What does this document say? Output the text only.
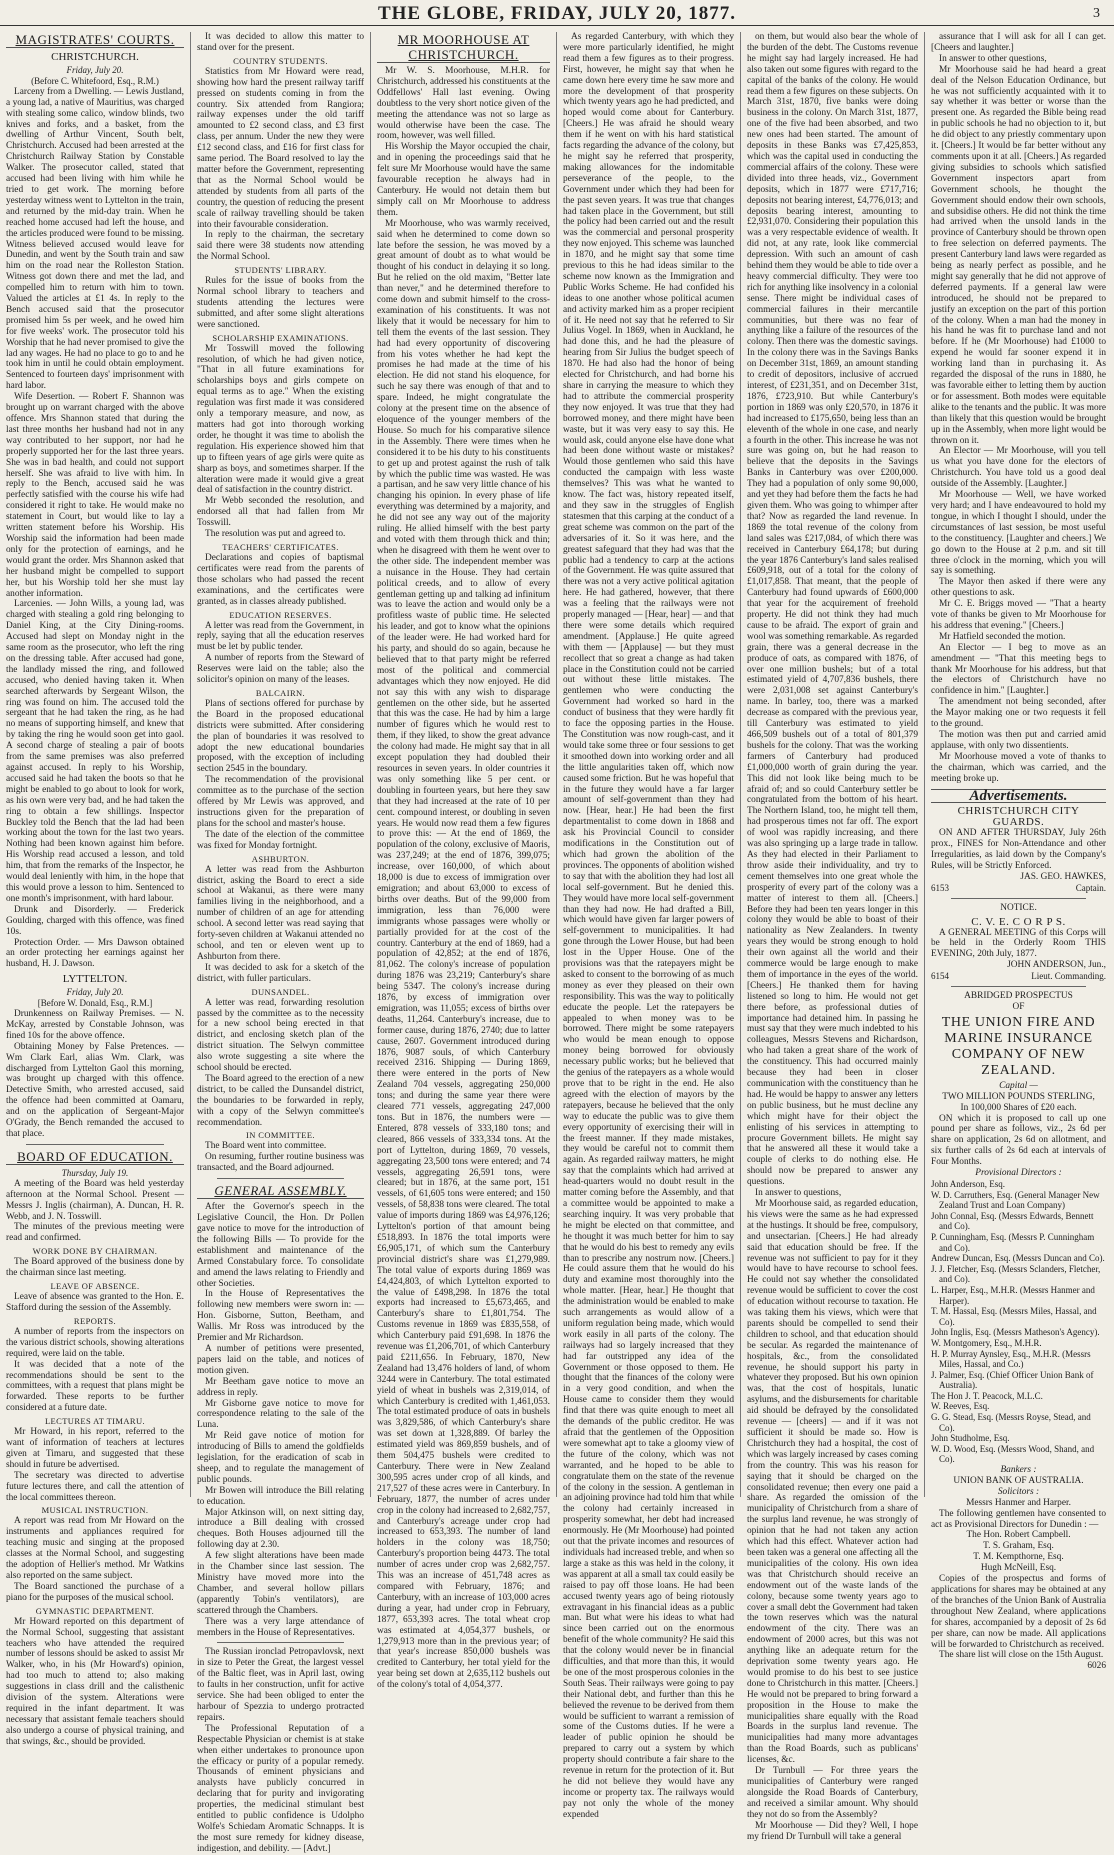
THE GLOBE, FRIDAY, JULY 20, 1877.	3
MAGISTRATES' COURTS.
CHRISTCHURCH.
Friday, July 20.
(Before C. Whitefoord, Esq., R.M.)

Larceny from a Dwelling. — Lewis Justland, a young lad, a native of Mauritius, was charged with stealing some calico, window blinds, two knives and forks, and a basket, from the dwelling of Arthur Vincent, South belt, Christchurch. Accused had been arrested at the Christchurch Railway Station by Constable Walker. The prosecutor called, stated that accused had been living with him while he tried to get work. The morning before yesterday witness went to Lyttelton in the train, and returned by the mid-day train. When he reached home accused had left the house, and the articles produced were found to be missing. Witness believed accused would leave for Dunedin, and went by the South train and saw him on the road near the Rolleston Station. Witness got down there and met the lad, and compelled him to return with him to town. Valued the articles at £1 4s. In reply to the Bench accused said that the prosecutor promised him 5s per week, and he owed him for five weeks' work. The prosecutor told his Worship that he had never promised to give the lad any wages. He had no place to go to and he took him in until he could obtain employment. Sentenced to fourteen days' imprisonment with hard labor.

Wife Desertion. — Robert F. Shannon was brought up on warrant charged with the above offence. Mrs Shannon stated that during the last three months her husband had not in any way contributed to her support, nor had he properly supported her for the last three years. She was in bad health, and could not support herself. She was afraid to live with him. In reply to the Bench, accused said he was perfectly satisfied with the course his wife had considered it right to take. He would make no statement in Court, but would like to lay a written statement before his Worship. His Worship said the information had been made only for the protection of earnings, and he would grant the order. Mrs Shannon asked that her husband might be compelled to support her, but his Worship told her she must lay another information.

Larcenies. — John Wills, a young lad, was charged with stealing a gold ring belonging to Daniel King, at the City Dining-rooms. Accused had slept on Monday night in the same room as the prosecutor, who left the ring on the dressing table. After accused had gone, the landlady missed the ring, and followed accused, who denied having taken it. When searched afterwards by Sergeant Wilson, the ring was found on him. The accused told the sergeant that he had taken the ring, as he had no means of supporting himself, and knew that by taking the ring he would soon get into gaol. A second charge of stealing a pair of boots from the same premises was also preferred against accused. In reply to his Worship, accused said he had taken the boots so that he might be enabled to go about to look for work, as his own were very bad, and he had taken the ring to obtain a few shillings. Inspector Buckley told the Bench that the lad had been working about the town for the last two years. Nothing had been known against him before. His Worship read accused a lesson, and told him, that from the remarks of the Inspector, he would deal leniently with him, in the hope that this would prove a lesson to him. Sentenced to one month's imprisonment, with hard labour.

Drunk and Disorderly. — Frederick Goulding, charged with this offence, was fined 10s.

Protection Order. — Mrs Dawson obtained an order protecting her earnings against her husband, H. J. Dawson.

LYTTELTON.
Friday, July 20.
[Before W. Donald, Esq., R.M.]

Drunkenness on Railway Premises. — N. McKay, arrested by Constable Johnson, was fined 10s for the above offence.

Obtaining Money by False Pretences. — Wm Clark Earl, alias Wm. Clark, was discharged from Lyttelton Gaol this morning, was brought up charged with this offence. Detective Smith, who arrested accused, said the offence had been committed at Oamaru, and on the application of Sergeant-Major O'Grady, the Bench remanded the accused to that place.

BOARD OF EDUCATION.
Thursday, July 19.

A meeting of the Board was held yesterday afternoon at the Normal School. Present — Messrs J. Inglis (chairman), A. Duncan, H. R. Webb, and J. N. Tosswill.

The minutes of the previous meeting were read and confirmed.

WORK DONE BY CHAIRMAN.

The Board approved of the business done by the chairman since last meeting.

LEAVE OF ABSENCE.

Leave of absence was granted to the Hon. E. Stafford during the session of the Assembly.

REPORTS.

A number of reports from the inspectors on the various district schools, showing alterations required, were laid on the table.

It was decided that a note of the recommendations should be sent to the committees, with a request that plans might be forwarded. These reports to be further considered at a future date.

LECTURES AT TIMARU.

Mr Howard, in his report, referred to the want of information of teachers at lectures given at Timaru, and suggested that these should in future be advertised.

The secretary was directed to advertise future lectures there, and call the attention of the local committees thereon.

MUSICAL INSTRUCTION.

A report was read from Mr Howard on the instruments and appliances required for teaching music and singing at the proposed classes at the Normal School, and suggesting the adoption of Hellier's method. Mr Watkins also reported on the same subject.

The Board sanctioned the purchase of a piano for the purposes of the musical school.

GYMNASTIC DEPARTMENT.

Mr Howard reported on this department of the Normal School, suggesting that assistant teachers who have attended the required number of lessons should be asked to assist Mr Walker, who, in his (Mr Howard's) opinion, had too much to attend to; also making suggestions in class drill and the calisthenic division of the system. Alterations were required in the infant department. It was necessary that assistant female teachers should also undergo a course of physical training, and that swings, &c., should be provided.

It was decided to allow this matter to stand over for the present.

COUNTRY STUDENTS.

Statistics from Mr Howard were read, showing how hard the present railway tariff pressed on students coming in from the country. Six attended from Rangiora; railway expenses under the old tariff amounted to £2 second class, and £3 first class, per annum. Under the new they were £12 second class, and £16 for first class for same period. The Board resolved to lay the matter before the Government, representing that as the Normal School would be attended by students from all parts of the country, the question of reducing the present scale of railway travelling should be taken into their favourable consideration.

In reply to the chairman, the secretary said there were 38 students now attending the Normal School.

STUDENTS' LIBRARY.

Rules for the issue of books from the Normal school library to teachers and students attending the lectures were submitted, and after some slight alterations were sanctioned.

SCHOLARSHIP EXAMINATIONS.

Mr Tosswill moved the following resolution, of which he had given notice, "That in all future examinations for scholarships boys and girls compete on equal terms as to age." When the existing regulation was first made it was considered only a temporary measure, and now, as matters had got into thorough working order, he thought it was time to abolish the regulation. His experience showed him that up to fifteen years of age girls were quite as sharp as boys, and sometimes sharper. If the alteration were made it would give a great deal of satisfaction in the country district.

Mr Webb seconded the resolution, and endorsed all that had fallen from Mr Tosswill.

The resolution was put and agreed to.

TEACHERS' CERTIFICATES.

Declarations and copies of baptismal certificates were read from the parents of those scholars who had passed the recent examinations, and the certificates were granted, as in classes already published.

EDUCATION RESERVES.

A letter was read from the Government, in reply, saying that all the education reserves must be let by public tender.

A number of reports from the Steward of Reserves were laid on the table; also the solicitor's opinion on many of the leases.

BALCAIRN.

Plans of sections offered for purchase by the Board in the proposed educational districts were submitted. After considering the plan of boundaries it was resolved to adopt the new educational boundaries proposed, with the exception of including section 2545 in the boundary.

The recommendation of the provisional committee as to the purchase of the section offered by Mr Lewis was approved, and instructions given for the preparation of plans for the school and master's house.

The date of the election of the committee was fixed for Monday fortnight.

ASHBURTON.

A letter was read from the Ashburton district, asking the Board to erect a side school at Wakanui, as there were many families living in the neighborhood, and a number of children of an age for attending school. A second letter was read saying that forty-seven children at Wakanui attended no school, and ten or eleven went up to Ashburton from there.

It was decided to ask for a sketch of the district, with fuller particulars.

DUNSANDEL.

A letter was read, forwarding resolution passed by the committee as to the necessity for a new school being erected in that district, and enclosing sketch plan of the district situation. The Selwyn committee also wrote suggesting a site where the school should be erected.

The Board agreed to the erection of a new district, to be called the Dunsandel district, the boundaries to be forwarded in reply, with a copy of the Selwyn committee's recommendation.

IN COMMITTEE.

The Board went into committee.

On resuming, further routine business was transacted, and the Board adjourned.

GENERAL ASSEMBLY.

After the Governor's speech in the Legislative Council, the Hon. Dr Pollen gave notice to move for the introduction of the following Bills — To provide for the establishment and maintenance of the Armed Constabulary force. To consolidate and amend the laws relating to Friendly and other Societies.

In the House of Representatives the following new members were sworn in: — Hon. Gisborne, Sutton, Beetham, and Wallis. Mr Ross was introduced by the Premier and Mr Richardson.

A number of petitions were presented, papers laid on the table, and notices of motion given.

Mr Beetham gave notice to move an address in reply.

Mr Gisborne gave notice to move for correspondence relating to the sale of the Luna.

Mr Reid gave notice of motion for introducing of Bills to amend the goldfields legislation, for the eradication of scab in sheep, and to regulate the management of public pounds.

Mr Bowen will introduce the Bill relating to education.

Major Atkinson will, on next sitting day, introduce a Bill dealing with crossed cheques. Both Houses adjourned till the following day at 2.30.

A few slight alterations have been made in the Chamber since last session. The Ministry have moved more into the Chamber, and several hollow pillars (apparently Tobin's ventilators), are scattered through the Chambers.

There was a very large attendance of members in the House of Representatives.

The Russian ironclad Petropavlovsk, next in size to Peter the Great, the largest vessel of the Baltic fleet, was in April last, owing to faults in her construction, unfit for active service. She had been obliged to enter the harbour of Spezzia to undergo protracted repairs.

The Professional Reputation of a Respectable Physician or chemist is at stake when either undertakes to pronounce upon the efficacy or purity of a popular remedy. Thousands of eminent physicians and analysts have publicly concurred in declaring that for purity and invigorating properties, the medicinal stimulant best entitled to public confidence is Udolpho Wolfe's Schiedam Aromatic Schnapps. It is the most sure remedy for kidney disease, indigestion, and debility. — [Advt.]

MR MOORHOUSE AT CHRISTCHURCH.

Mr W. S. Moorhouse, M.H.R. for Christchurch, addressed his constituents at the Oddfellows' Hall last evening. Owing doubtless to the very short notice given of the meeting the attendance was not so large as would otherwise have been the case. The room, however, was well filled.

His Worship the Mayor occupied the chair, and in opening the proceedings said that he felt sure Mr Moorhouse would have the same favourable reception he always had in Canterbury. He would not detain them but simply call on Mr Moorhouse to address them.

Mr Moorhouse, who was warmly received, said when he determined to come down so late before the session, he was moved by a great amount of doubt as to what would be thought of his conduct in delaying it so long. But he relied on the old maxim, "Better late than never," and he determined therefore to come down and submit himself to the cross-examination of his constituents. It was not likely that it would be necessary for him to tell them the events of the last session. They had had every opportunity of discovering from his votes whether he had kept the promises he had made at the time of his election. He did not stand his eloquence, for such he say there was enough of that and to spare. Indeed, he might congratulate the colony at the present time on the absence of eloquence of the younger members of the House. So much for his comparative silence in the Assembly. There were times when he considered it to be his duty to his constituents to get up and protest against the rush of talk by which the public time was wasted. He was a partisan, and he saw very little chance of his changing his opinion. In every phase of life everything was determined by a majority, and he did not see any way out of the majority ruling. He allied himself with the best party and voted with them through thick and thin; when he disagreed with them he went over to the other side. The independent member was a nuisance in the House. They had certain political creeds, and to allow of every gentleman getting up and talking ad infinitum was to leave the action and would only be a profitless waste of public time. He selected his leader, and got to know what the opinions of the leader were. He had worked hard for his party, and should do so again, because he believed that to that party might be referred most of the political and commercial advantages which they now enjoyed. He did not say this with any wish to disparage gentlemen on the other side, but he asserted that this was the case. He had by him a large number of figures which he would rest to them, if they liked, to show the great advance the colony had made. He might say that in all except population they had doubled their resources in seven years. In older countries it was only something like 5 per cent. or doubling in fourteen years, but here they saw that they had increased at the rate of 10 per cent. compound interest, or doubling in seven years. He would now read them a few figures to prove this: — At the end of 1869, the population of the colony, exclusive of Maoris, was 237,249; at the end of 1876, 399,075; increase, over 160,000, of which about 18,000 is due to excess of immigration over emigration; and about 63,000 to excess of births over deaths. But of the 99,000 from immigration, less than 76,000 were immigrants whose passages were wholly or partially provided for at the cost of the country. Canterbury at the end of 1869, had a population of 42,852; at the end of 1876, 81,062. The colony's increase of population during 1876 was 23,219; Canterbury's share being 5347. The colony's increase during 1876, by excess of immigration over emigration, was 11,055; excess of births over deaths, 11,264. Canterbury's increase, due to former cause, during 1876, 2740; due to latter cause, 2607. Government introduced during 1876, 9087 souls, of which Canterbury received 2316. Shipping — During 1869, there were entered in the ports of New Zealand 704 vessels, aggregating 250,000 tons; and during the same year there were cleared 771 vessels, aggregating 247,000 tons. But in 1876, the numbers were — Entered, 878 vessels of 333,180 tons; and cleared, 866 vessels of 333,334 tons. At the port of Lyttelton, during 1869, 70 vessels, aggregating 23,500 tons were entered; and 74 vessels, aggregating 26,591 tons, were cleared; but in 1876, at the same port, 151 vessels, of 61,605 tons were entered; and 150 vessels, of 58,838 tons were cleared. The total value of imports during 1869 was £4,976,126; Lyttelton's portion of that amount being £518,893. In 1876 the total imports were £6,905,171, of which sum the Canterbury provincial district's share was £1,279,989. The total value of exports during 1869 was £4,424,803, of which Lyttelton exported to the value of £498,298. In 1876 the total exports had increased to £5,673,465, and Canterbury's share to £1,801,754. The Customs revenue in 1869 was £835,558, of which Canterbury paid £91,698. In 1876 the revenue was £1,206,701, of which Canterbury paid £211,656. In February, 1870, New Zealand had 13,476 holders of land, of whom 3244 were in Canterbury. The total estimated yield of wheat in bushels was 2,319,014, of which Canterbury is credited with 1,461,053. The total estimated produce of oats in bushels was 3,829,586, of which Canterbury's share was set down at 1,328,889. Of barley the estimated yield was 869,859 bushels, and of them 504,475 bushels were credited to Canterbury. There were in New Zealand 300,595 acres under crop of all kinds, and 217,527 of these acres were in Canterbury. In February, 1877, the number of acres under crop in the colony had increased to 2,682,757, and Canterbury's acreage under crop had increased to 653,393. The number of land holders in the colony was 18,750; Canterbury's proportion being 4473. The total number of acres under crop was 2,682,757. This was an increase of 451,748 acres as compared with February, 1876; and Canterbury, with an increase of 103,000 acres during a year, had under crop in February, 1877, 653,393 acres. The total wheat crop was estimated at 4,054,377 bushels, or 1,279,913 more than in the previous year; of that year's increase 850,000 bushels was credited to Canterbury, her total yield for the year being set down at 2,635,112 bushels out of the colony's total of 4,054,377.

As regarded Canterbury, with which they were more particularly identified, he might read them a few figures as to their progress. First, however, he might say that when he came down here every time he saw more and more the development of that prosperity which twenty years ago he had predicted, and hoped would come about for Canterbury. [Cheers.] He was afraid he should weary them if he went on with his hard statistical facts regarding the advance of the colony, but he might say he referred that prosperity, making allowances for the indomitable perseverance of the people, to the Government under which they had been for the past seven years. It was true that changes had taken place in the Government, but still the policy had been carried out and the result was the commercial and personal prosperity they now enjoyed. This scheme was launched in 1870, and he might say that some time previous to this he had ideas similar to the scheme now known as the Immigration and Public Works Scheme. He had confided his ideas to one another whose political acumen and activity marked him as a proper recipient of it. He need not say that he referred to Sir Julius Vogel. In 1869, when in Auckland, he had done this, and he had the pleasure of hearing from Sir Julius the budget speech of 1870. He had also had the honor of being elected for Christchurch, and had borne his share in carrying the measure to which they had to attribute the commercial prosperity they now enjoyed. It was true that they had borrowed money, and there might have been waste, but it was very easy to say this. He would ask, could anyone else have done what had been done without waste or mistakes? Would those gentlemen who said this have conducted the campaign with less waste themselves? This was what he wanted to know. The fact was, history repeated itself, and they saw in the struggles of English statesmen that this carping at the conduct of a great scheme was common on the part of the adversaries of it. So it was here, and the greatest safeguard that they had was that the public had a tendency to carp at the actions of the Government. He was quite assured that there was not a very active political agitation here. He had gathered, however, that there was a feeling that the railways were not properly managed — [Hear, hear] — and that there were some details which required amendment. [Applause.] He quite agreed with them — [Applause] — but they must recollect that so great a change as had taken place in the Constitution could not be carried out without these little mistakes. The gentlemen who were conducting the Government had worked so hard in the conduct of business that they were hardly fit to face the opposing parties in the House. The Constitution was now rough-cast, and it would take some three or four sessions to get it smoothed down into working order and all the little angularities taken off, which now caused some friction. But he was hopeful that in the future they would have a far larger amount of self-government than they had now. [Hear, hear.] He had been the first departmentalist to come down in 1868 and ask his Provincial Council to consider modifications in the Constitution out of which had grown the abolition of the provinces. The opponents of abolition wished to say that with the abolition they had lost all local self-government. But he denied this. They would have more local self-government than they had now. He had drafted a Bill, which would have given far larger powers of self-government to municipalities. It had gone through the Lower House, but had been lost in the Upper House. One of the provisions was that the ratepayers might be asked to consent to the borrowing of as much money as ever they pleased on their own responsibility. This was the way to politically educate the people. Let the ratepayers be appealed to when money was to be borrowed. There might be some ratepayers who would be mean enough to oppose money being borrowed for obviously necessary public works; but he believed that the genius of the ratepayers as a whole would prove that to be right in the end. He also agreed with the election of mayors by the ratepayers, because he believed that the only way to educate the public was to give them every opportunity of exercising their will in the freest manner. If they made mistakes, they would be careful not to commit them again. As regarded railway matters, he might say that the complaints which had arrived at head-quarters would no doubt result in the matter coming before the Assembly, and that a committee would be appointed to make a searching inquiry. It was very probable that he might be elected on that committee, and he thought it was much better for him to say that he would do his best to remedy any evils than to prescribe any nostrum now. [Cheers.] He could assure them that he would do his duty and examine most thoroughly into the whole matter. [Hear, hear.] He thought that the administration would be enabled to make such arrangements as would allow of a uniform regulation being made, which would work easily in all parts of the colony. The railways had so largely increased that they had far outstripped any idea of the Government or those opposed to them. He thought that the finances of the colony were in a very good condition, and when the House came to consider them they would find that there was quite enough to meet all the demands of the public creditor. He was afraid that the gentlemen of the Opposition were somewhat apt to take a gloomy view of the future of the colony, which was not warranted, and he hoped to be able to congratulate them on the state of the revenue of the colony in the session. A gentleman in an adjoining province had told him that while the colony had certainly increased in prosperity somewhat, her debt had increased enormously. He (Mr Moorhouse) had pointed out that the private incomes and resources of individuals had increased treble, and when so large a stake as this was held in the colony, it was apparent at all a small tax could easily be raised to pay off those loans. He had been accused twenty years ago of being riotously extravagant in his financial ideas as a public man. But what were his ideas to what had since been carried out on the enormous benefit of the whole community? He said this that the colony would never be in financial difficulties, and that more than this, it would be one of the most prosperous colonies in the South Seas. Their railways were going to pay their National debt, and further than this he believed the revenue to be derived from them would be sufficient to warrant a remission of some of the Customs duties. If he were a leader of public opinion he should be prepared to carry out a system by which property should contribute a fair share to the revenue in return for the protection of it. But he did not believe they would have any income or property tax. The railways would pay not only the whole of the money expended

on them, but would also bear the whole of the burden of the debt. The Customs revenue he might say had largely increased. He had also taken out some figures with regard to the capital of the banks of the colony. He would read them a few figures on these subjects. On March 31st, 1870, five banks were doing business in the colony. On March 31st, 1877, one of the five had been absorbed, and two new ones had been started. The amount of deposits in these Banks was £7,425,853, which was the capital used in conducting the commercial affairs of the colony. These were divided into three heads, viz., Government deposits, which in 1877 were £717,716; deposits not bearing interest, £4,776,013; and deposits bearing interest, amounting to £2,931,070. Considering their population this was a very respectable evidence of wealth. It did not, at any rate, look like commercial depression. With such an amount of cash behind them they would be able to tide over a heavy commercial difficulty. They were too rich for anything like insolvency in a colonial sense. There might be individual cases of commercial failures in their mercantile communities, but there was no fear of anything like a failure of the resources of the colony. Then there was the domestic savings. In the colony there was in the Savings Banks on December 31st, 1869, an amount standing to credit of depositors, inclusive of accrued interest, of £231,351, and on December 31st, 1876, £723,910. But while Canterbury's portion in 1869 was only £20,570, in 1876 it had increased to £175,650, being less than an eleventh of the whole in one case, and nearly a fourth in the other. This increase he was not sure was going on, but he had reason to believe that the deposits in the Savings Banks in Canterbury was over £200,000. They had a population of only some 90,000, and yet they had before them the facts he had given them. Who was going to whimper after that? Now as regarded the land revenue. In 1869 the total revenue of the colony from land sales was £217,084, of which there was received in Canterbury £64,178; but during the year 1876 Canterbury's land sales realised £609,918, out of a total for the colony of £1,017,858. That meant, that the people of Canterbury had found upwards of £600,000 that year for the acquirement of freehold property. He did not think they had much cause to be afraid. The export of grain and wool was something remarkable. As regarded grain, there was a general decrease in the produce of oats, as compared with 1876, of over one million bushels; but of a total estimated yield of 4,707,836 bushels, there were 2,031,008 set against Canterbury's name. In barley, too, there was a marked decrease as compared with the previous year, till Canterbury was estimated to yield 466,509 bushels out of a total of 801,379 bushels for the colony. That was the working farmers of Canterbury had produced £1,000,000 worth of grain during the year. This did not look like being much to be afraid of; and so could Canterbury settler be congratulated from the bottom of his heart. The Northern Island, too, he might tell them, had prosperous times not far off. The export of wool was rapidly increasing, and there was also springing up a large trade in tallow. As they had elected in their Parliament to throw aside their individuality, and try to cement themselves into one great whole the prosperity of every part of the colony was a matter of interest to them all. [Cheers.] Before they had been ten years longer in this colony they would be able to boast of their nationality as New Zealanders. In twenty years they would be strong enough to hold their own against all the world and their commerce would be large enough to make them of importance in the eyes of the world. [Cheers.] He thanked them for having listened so long to him. He would not get there before, as professional duties of importance had detained him. In passing he must say that they were much indebted to his colleagues, Messrs Stevens and Richardson, who had taken a great share of the work of the constituency. This had occurred mainly because they had been in closer communication with the constituency than he had. He would be happy to answer any letters on public business, but he must decline any which might have for their object the enlisting of his services in attempting to procure Government billets. He might say that he answered all these it would take a couple of clerks to do nothing else. He should now be prepared to answer any questions.

In answer to questions,

Mr Moorhouse said, as regarded education, his views were the same as he had expressed at the hustings. It should be free, compulsory, and unsectarian. [Cheers.] He had already said that education should be free. If the revenue was not sufficient to pay for it they would have to have recourse to school fees. He could not say whether the consolidated revenue would be sufficient to cover the cost of education without recourse to taxation. He was taking them his views, which were that parents should be compelled to send their children to school, and that education should be secular. As regarded the maintenance of hospitals, &c., from the consolidated revenue, he should support his party in whatever they proposed. But his own opinion was, that the cost of hospitals, lunatic asylums, and the disbursements for charitable aid should be defrayed by the consolidated revenue — [cheers] — and if it was not sufficient it should be made so. How is Christchurch they had a hospital, the cost of which was largely increased by cases coming from the country. This was his reason for saying that it should be charged on the consolidated revenue; then every one paid a share. As regarded the omission of the municipality of Christchurch from a share of the surplus land revenue, he was strongly of opinion that he had not taken any action which had this effect. Whatever action had been taken was a general one affecting all the municipalities of the colony. His own idea was that Christchurch should receive an endowment out of the waste lands of the colony, because some twenty years ago to cover a small debt the Government had taken the town reserves which was the natural endowment of the city. There was an endowment of 2000 acres, but this was not anything like an adequate return for the deprivation some twenty years ago. He would promise to do his best to see justice done to Christchurch in this matter. [Cheers.] He would not be prepared to bring forward a proposition in the House to make the municipalities share equally with the Road Boards in the surplus land revenue. The municipalities had many more advantages than the Road Boards, such as publicans' licenses, &c.

Dr Turnbull — For three years the municipalities of Canterbury were ranged alongside the Road Boards of Canterbury, and received a similar amount. Why should they not do so from the Assembly?

Mr Moorhouse — Did they? Well, I hope my friend Dr Turnbull will take a general

assurance that I will ask for all I can get. [Cheers and laughter.]

In answer to other questions,

Mr Moorhouse said he had heard a great deal of the Nelson Education Ordinance, but he was not sufficiently acquainted with it to say whether it was better or worse than the present one. As regarded the Bible being read in public schools he had no objection to it, but he did object to any priestly commentary upon it. [Cheers.] It would be far better without any comments upon it at all. [Cheers.] As regarded giving subsidies to schools which satisfied Government inspectors apart from Government schools, he thought the Government should endow their own schools, and subsidise others. He did not think the time had arrived when the unsold lands in the province of Canterbury should be thrown open to free selection on deferred payments. The present Canterbury land laws were regarded as being as nearly perfect as possible, and he might say generally that he did not approve of deferred payments. If a general law were introduced, he should not be prepared to justify an exception on the part of this portion of the colony. When a man had the money in his hand he was fit to purchase land and not before. If he (Mr Moorhouse) had £1000 to expend he would far sooner expend it in working land than in purchasing it. As regarded the disposal of the runs in 1880, he was favorable either to letting them by auction or for assessment. Both modes were equitable alike to the tenants and the public. It was more than likely that this question would be brought up in the Assembly, when more light would be thrown on it.

An Elector — Mr Moorhouse, will you tell us what you have done for the electors of Christchurch. You have told us a good deal outside of the Assembly. [Laughter.]

Mr Moorhouse — Well, we have worked very hard; and I have endeavoured to hold my tongue, in which I thought I should, under the circumstances of last session, be most useful to the constituency. [Laughter and cheers.] We go down to the House at 2 p.m. and sit till three o'clock in the morning, which you will say is something.

The Mayor then asked if there were any other questions to ask.

Mr C. E. Briggs moved — "That a hearty vote of thanks be given to Mr Moorhouse for his address that evening." [Cheers.]

Mr Hatfield seconded the motion.

An Elector — I beg to move as an amendment — "That this meeting begs to thank Mr Moorhouse for his address, but that the electors of Christchurch have no confidence in him." [Laughter.]

The amendment not being seconded, after the Mayor making one or two requests it fell to the ground.

The motion was then put and carried amid applause, with only two dissentients.

Mr Moorhouse moved a vote of thanks to the chairman, which was carried, and the meeting broke up.

Advertisements.
CHRISTCHURCH CITY GUARDS.

ON AND AFTER THURSDAY, July 26th prox., FINES for Non-Attendance and other Irregularities, as laid down by the Company's Rules, will be Strictly Enforced.

JAS. GEO. HAWKES,
6153	Captain.
NOTICE.
C. V. E. C O R P S.

A GENERAL MEETING of this Corps will be held in the Orderly Room THIS EVENING, 20th July, 1877.

JOHN ANDERSON, Jun.,
6154	Lieut. Commanding.
ABRIDGED PROSPECTUS
OF
THE UNION FIRE AND MARINE INSURANCE COMPANY OF NEW ZEALAND.
Capital —
TWO MILLION POUNDS STERLING,
In 100,000 Shares of £20 each.

ON which it is proposed to call up one pound per share as follows, viz., 2s 6d per share on application, 2s 6d on allotment, and six further calls of 2s 6d each at intervals of Four Months.

Provisional Directors :
John Anderson, Esq.
W. D. Carruthers, Esq. (General Manager New Zealand Trust and Loan Company)
John Connal, Esq. (Messrs Edwards, Bennett and Co).
P. Cunningham, Esq. (Messrs P. Cunningham and Co).
Andrew Duncan, Esq. (Messrs Duncan and Co).
J. J. Fletcher, Esq. (Messrs Sclanders, Fletcher, and Co).
L. Harper, Esq., M.H.R. (Messrs Hanmer and Harper).
T. M. Hassal, Esq. (Messrs Miles, Hassal, and Co).
John Inglis, Esq. (Messrs Matheson's Agency).
W. Montgomery, Esq., M.H.R.
H. P. Murray Aynsley, Esq., M.H.R. (Messrs Miles, Hassal, and Co.)
J. Palmer, Esq. (Chief Officer Union Bank of Australia).
The Hon J. T. Peacock, M.L.C.
W. Reeves, Esq.
G. G. Stead, Esq. (Messrs Royse, Stead, and Co).
John Studholme, Esq.
W. D. Wood, Esq. (Messrs Wood, Shand, and Co).
Bankers :
UNION BANK OF AUSTRALIA.
Solicitors :
Messrs Hanmer and Harper.

The following gentlemen have consented to act as Provisional Directors for Dunedin : —

The Hon. Robert Campbell.
T. S. Graham, Esq.
T. M. Kempthorne, Esq.
Hugh McNeill, Esq.

Copies of the prospectus and forms of applications for shares may be obtained at any of the branches of the Union Bank of Australia throughout New Zealand, where applications for shares, accompanied by a deposit of 2s 6d per share, can now be made. All applications will be forwarded to Christchurch as received.

The share list will close on the 15th August.

6026
